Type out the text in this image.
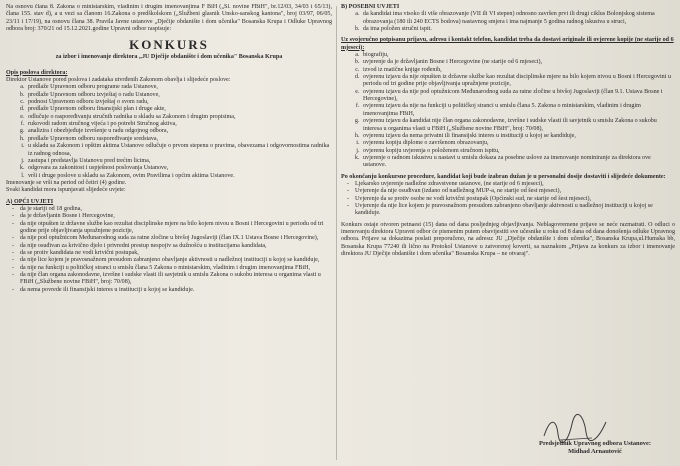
Na osnovu člana 8. Zakona o ministarskim, vladinim i drugim imenovanjima F BiH („Sl. novine FBiH", br.12/03, 34/03 i 65/13), člana 155. stav d), a u vezi sa članom 16.Zakona o predškolskom („Službeni glasnik Unsko-sanskog kantona", broj 03/97, 06/05, 23/11 i 17/19), na osnovu člana 38. Pravila Javne ustanove „Dječije obdanište i dom učenika" Bosanska Krupa i Odluke Upravnog odbora broj: 370/21 od 15.12.2021.godine Upravni odbor raspisuje:

KONKURS
za izbor i imenovanje direktora „JU Dječije obdanište i dom učenika" Bosanska Krupa

Opis poslova direktora:

Direktor Ustanove pored poslova i zadataka utvrđenih Zakonom obavlja i slijedeće poslove:

a. predlaže Upravnom odboru programe rada Ustanove,
b. predlaže Upravnom odboru izvještaj o radu Ustanove,
c. podnosi Upravnom odboru izvještaj o svom radu,
d. predlaže Upravnom odboru finansijski plan i druge akte,
e. odlučuje o raspoređivanju stručnih radnika u skladu sa Zakonom i drugim propisima,
f. rukovodi radom stručnog vijeća i po potrebi Stručnog aktiva,
g. analizira i obezbjeđuje izvršenje u radu odgojnog odbora,
h. predlaže Upravnom odboru raspoređivanje sredstava,
i. u skladu sa Zakonom i opštim aktima Ustanove odlučuje o prvom stepenu o pravima, obavezama i odgovornostima radnika iz radnog odnosa,
j. zastupa i predstavlja Ustanovu pred trećim licima,
k. odgovara za zakonitost i uspješnost poslovanja Ustanove,
l. vrši i druge poslove u skladu sa Zakonom, ovim Pravilima i općim aktima Ustanove.

Imenovanje se vrši na period od četiri (4) godine.

Svaki kandidat mora ispunjavati slijedeće uvjete:

A) OPĆI UVJETI

- da je stariji od 18 godina,
- da je državljanin Bosne i Hercegovine,
- da nije otpušten iz državne službe kao rezultat disciplinske mjere na bilo kojem nivou u Bosni i Hercegovini u periodu od tri godine prije objavljivanja upražnjene pozicije,
- da nije pod optužnicom Međunarodnog suda za ratne zločine u bivšoj Jugoslaviji (član IX.1 Ustava Bosne i Hercegovine),
- da nije osuđivan za krivično djelo i privredni prestup nespojiv sa dužnošću u institucijama kandidata,
- da se protiv kandidata ne vodi krivični postupak,
- da nije lice kojem je pravosnažnom presudom zabranjeno obavljanje aktivnosti u nadležnoj instituciji u kojoj se kandiduje,
- da nije na funkciji u političkoj stranci u smislu člana 5 Zakona o ministarskim, vladinim i drugim imenovanjima FBiH,
- da nije član organa zakonodavne, izvršne i sudske vlasti ili savjetnik u smislu Zakona o sukobu interesa u organima vlasti u FBiH („Službene novine FBiH", broj: 70/08),
- da nema povrede ili finansijski interes u instituciji u kojoj se kandiduje.

B) POSEBNI UVJETI

a. da kandidat ima visoko ili više obrazovanje (VII ili VI stepen) odnosno završen prvi ili drugi ciklus Bolonjskog sistema obrazovanja (180 ili 240 ECTS bodova) nastavnog smjera i ima najmanje 5 godina radnog iskustva u struci,
b. da ima položen stručni ispit.

Uz svojeručno potpisanu prijavu, adresu i kontakt telefon, kandidat treba da dostavi originale ili ovjerene kopije (ne starije od 6 mjeseci):

a. biografiju,
b. uvjerenje da je državljanin Bosne i Hercegovine (ne starije od 6 mjeseci),
c. izvod iz matične knjige rođenih,
d. ovjerenu izjavu da nije otpušten iz državne službe kao rezultat disciplinske mjere na bilo kojem nivou u Bosni i Hercegovini u periodu od tri godine prije objavljivanja upražnjene pozicije,
e. ovjerenu izjavu da nije pod optužnicom Međunarodnog suda za ratne zločine u bivšoj Jugoslaviji (član 9.1. Ustava Bosne i Hercegovine),
f. ovjerenu izjavu da nije na funkciji u političkoj stranci u smislu člana 5. Zakona o ministarskim, vladinim i drugim imenovanjima FBiH,
g. ovjerenu izjavu da kandidat nije član organa zakonodavne, izvršne i sudske vlasti ili savjetnik u smislu Zakona o sukobu interesa u organima vlasti u FBiH („Službene novine FBiH", broj: 70/08),
h. ovjerenu izjavu da nema privatni ili finansijski interes u instituciji u kojoj se kandiduje,
i. ovjerenu kopiju diplome o završenom obrazovanju,
j. ovjerenu kopiju uvjerenja o položenom stručnom ispitu,
k. uvjerenje o radnom iskustvu u nastavi u smislu dokaza za posebne uslove za imenovanje nominiranje za direktora ove ustanove.

Po okončanju konkursne procedure, kandidat koji bude izabran dužan je u personalni dosije dostaviti i slijedeće dokumente:

- Ljekarsko uvjerenje nadležne zdravstvene ustanove, (ne starije od 6 mjeseci),
- Uvjerenje da nije osuđivan (izdano od nadležnog MUP-a, ne starije od šest mjeseci),
- Uvjerenje da se protiv osobe ne vodi krivični postupak (Općinski sud, ne starije od šest mjeseci),
- Uvjerenje da nije lice kojem je pravosnažnom presudom zabranjeno obavljanje aktivnosti u nadležnoj instituciji u kojoj se kandiduje.

Konkurs ostaje otvoren petnaest (15) dana od dana posljednjeg objavljivanja. Neblagovremene prijave se neće razmatrati. O odluci o imenovanju direktora Upravni odbor će pismenim putem obavijestiti sve učesnike u roku od 8 dana od dana donošenja odluke Upravnog odbora. Prijave sa dokazima poslati preporučeno, na adresu: JU „Dječije obdanište i dom učenika", Bosanska Krupa,ul.Humska bb, Bosanska Krupa 77240 ili lično na Protokol Ustanove u zatvorenoj koverti, sa naznakom „Prijava za konkurs za izbor i imenovanje direktora JU Dječije obdanište i dom učenika" Bosanska Krupa – ne otvaraj".

Predsjednik Upravnog odbora Ustanove:
Midhad Arnautović
